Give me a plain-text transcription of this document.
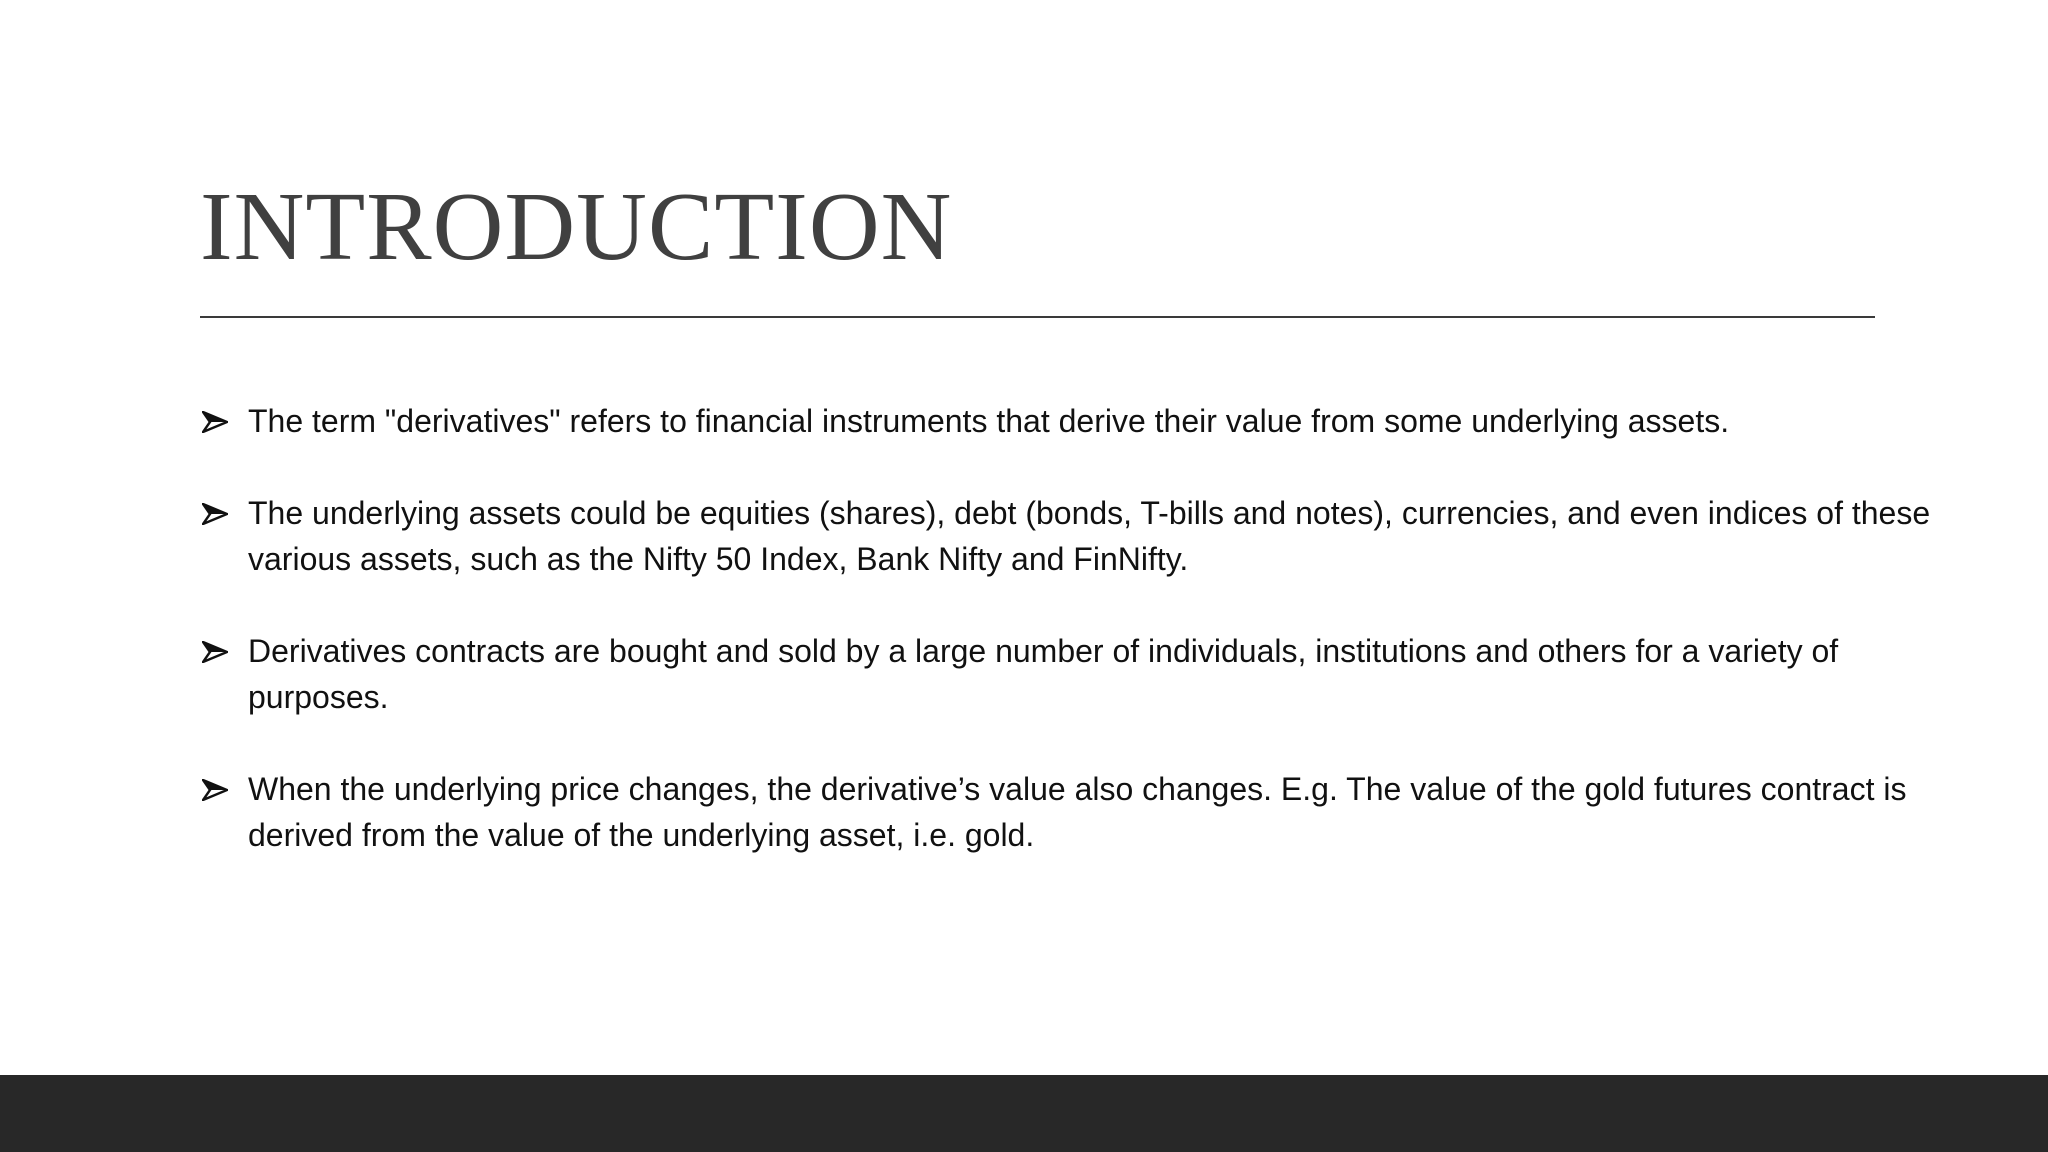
INTRODUCTION
The term "derivatives" refers to financial instruments that derive their value from some underlying assets.
The underlying assets could be equities (shares), debt (bonds, T-bills and notes), currencies, and even indices of these various assets, such as the Nifty 50 Index, Bank Nifty and FinNifty.
Derivatives contracts are bought and sold by a large number of individuals, institutions and others for a variety of purposes.
When the underlying price changes, the derivative’s value also changes. E.g. The value of the gold futures contract is derived from the value of the underlying asset, i.e. gold.
